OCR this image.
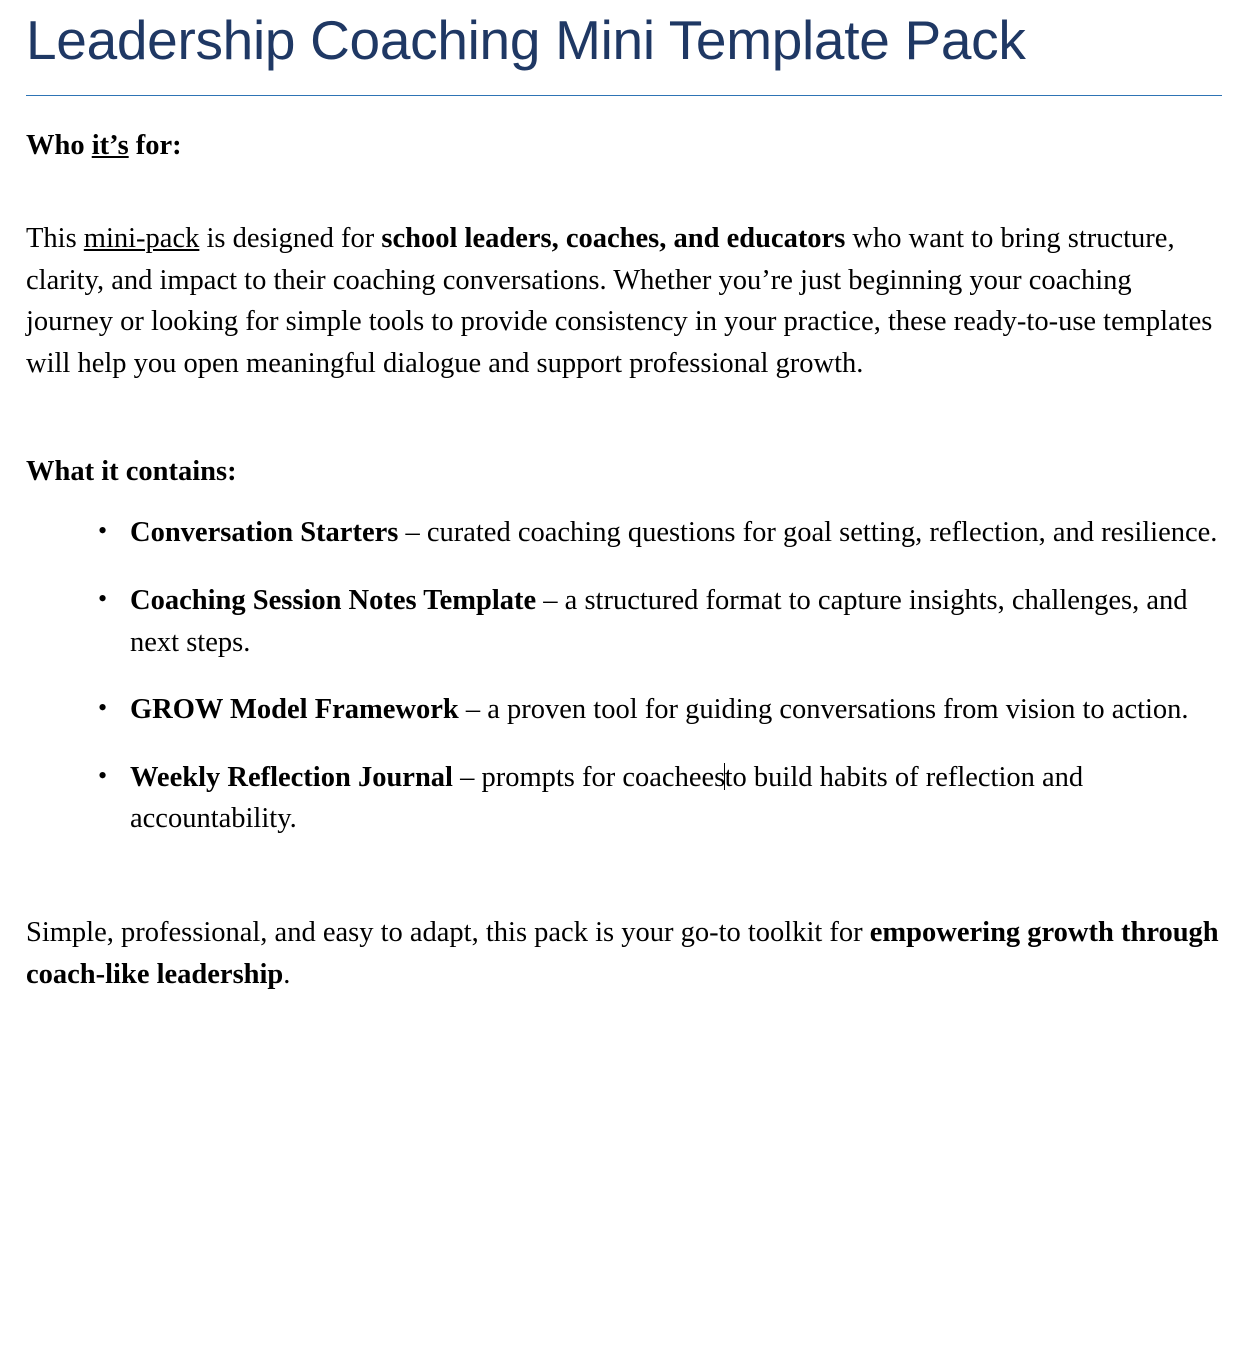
Leadership Coaching Mini Template Pack

Who it’s for:

This mini-pack is designed for school leaders, coaches, and educators who want to bring structure, clarity, and impact to their coaching conversations. Whether you’re just beginning your coaching journey or looking for simple tools to provide consistency in your practice, these ready-to-use templates will help you open meaningful dialogue and support professional growth.

What it contains:

• Conversation Starters – curated coaching questions for goal setting, reflection, and resilience.
• Coaching Session Notes Template – a structured format to capture insights, challenges, and next steps.
• GROW Model Framework – a proven tool for guiding conversations from vision to action.
• Weekly Reflection Journal – prompts for coacheesto build habits of reflection and accountability.

Simple, professional, and easy to adapt, this pack is your go-to toolkit for empowering growth through coach-like leadership.
